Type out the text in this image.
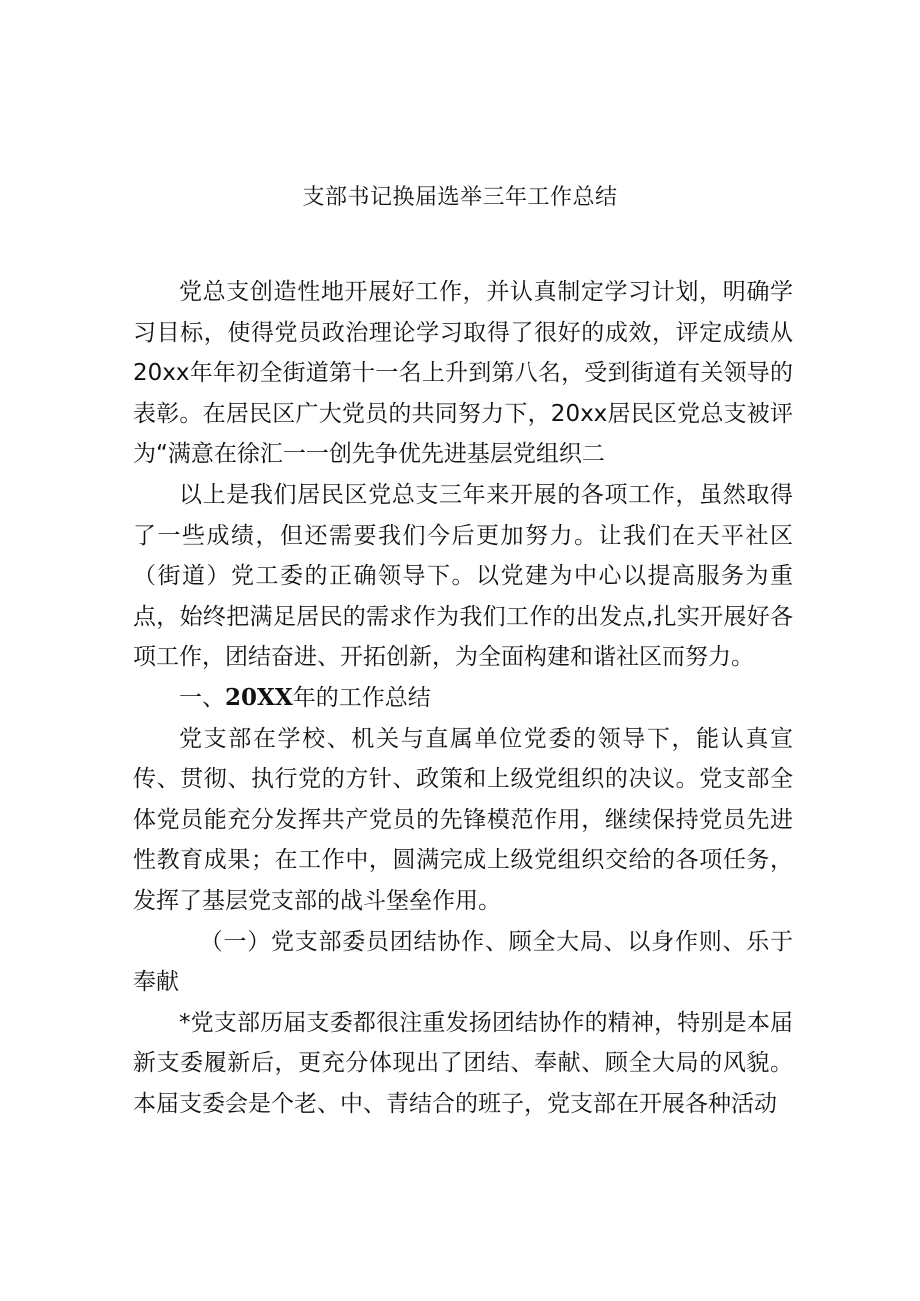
支部书记换届选举三年工作总结

党总支创造性地开展好工作，并认真制定学习计划，明确学习目标，使得党员政治理论学习取得了很好的成效，评定成绩从20xx年年初全街道第十一名上升到第八名，受到街道有关领导的表彰。在居民区广大党员的共同努力下，20xx居民区党总支被评为“满意在徐汇一一创先争优先进基层党组织二

以上是我们居民区党总支三年来开展的各项工作，虽然取得了一些成绩，但还需要我们今后更加努力。让我们在天平社区（街道）党工委的正确领导下。以党建为中心以提高服务为重点，始终把满足居民的需求作为我们工作的出发点,扎实开展好各项工作，团结奋进、开拓创新，为全面构建和谐社区而努力。

一、20XX年的工作总结

党支部在学校、机关与直属单位党委的领导下，能认真宣传、贯彻、执行党的方针、政策和上级党组织的决议。党支部全体党员能充分发挥共产党员的先锋模范作用，继续保持党员先进性教育成果；在工作中，圆满完成上级党组织交给的各项任务，发挥了基层党支部的战斗堡垒作用。

（一）党支部委员团结协作、顾全大局、以身作则、乐于奉献

*党支部历届支委都很注重发扬团结协作的精神，特别是本届新支委履新后，更充分体现出了团结、奉献、顾全大局的风貌。本届支委会是个老、中、青结合的班子，党支部在开展各种活动
